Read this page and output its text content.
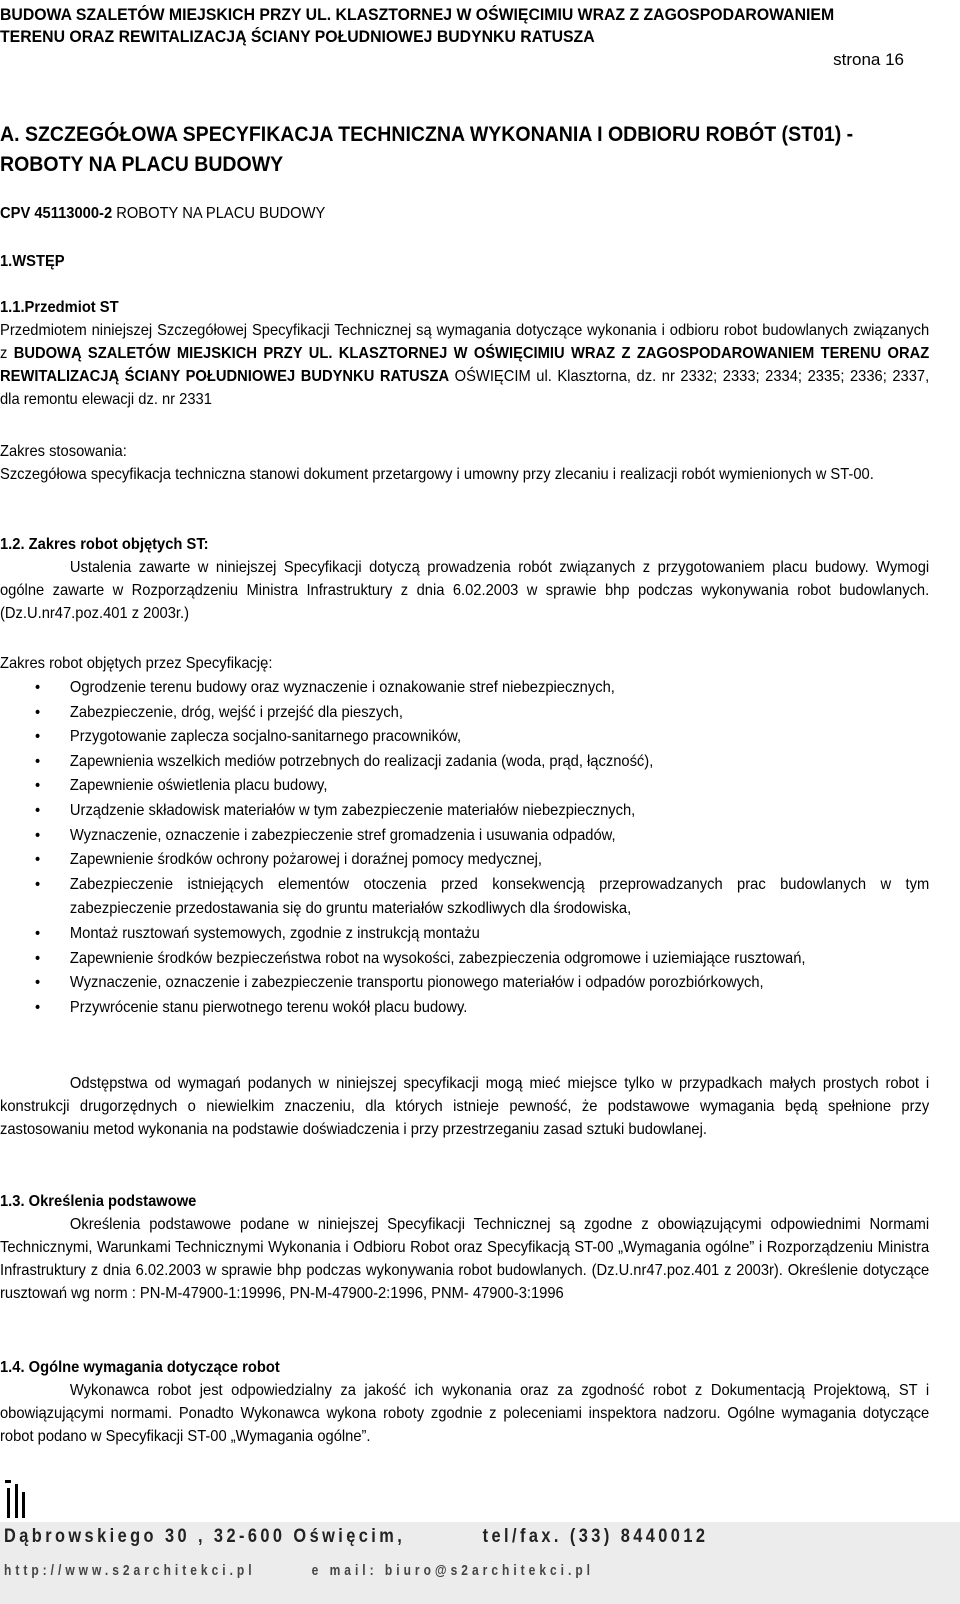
BUDOWA SZALETÓW MIEJSKICH PRZY UL. KLASZTORNEJ W OŚWIĘCIMIU WRAZ Z ZAGOSPODAROWANIEM
TERENU ORAZ REWITALIZACJĄ ŚCIANY POŁUDNIOWEJ BUDYNKU RATUSZA
strona 16
A. SZCZEGÓŁOWA SPECYFIKACJA TECHNICZNA WYKONANIA I ODBIORU ROBÓT (ST01) - ROBOTY NA PLACU BUDOWY
CPV 45113000-2 ROBOTY NA PLACU BUDOWY
1.WSTĘP
1.1.Przedmiot ST
Przedmiotem niniejszej Szczegółowej Specyfikacji Technicznej są wymagania dotyczące wykonania i odbioru robot budowlanych związanych z BUDOWĄ SZALETÓW MIEJSKICH PRZY UL. KLASZTORNEJ W OŚWIĘCIMIU WRAZ Z ZAGOSPODAROWANIEM TERENU ORAZ REWITALIZACJĄ ŚCIANY POŁUDNIOWEJ BUDYNKU RATUSZA OŚWIĘCIM ul. Klasztorna, dz. nr 2332; 2333; 2334; 2335; 2336; 2337, dla remontu elewacji dz. nr 2331
Zakres stosowania:
Szczegółowa specyfikacja techniczna stanowi dokument przetargowy i umowny przy zlecaniu i realizacji robót wymienionych w ST-00.
1.2. Zakres robot objętych ST:
Ustalenia zawarte w niniejszej Specyfikacji dotyczą prowadzenia robót związanych z przygotowaniem placu budowy. Wymogi ogólne zawarte w Rozporządzeniu Ministra Infrastruktury z dnia 6.02.2003 w sprawie bhp podczas wykonywania robot budowlanych. (Dz.U.nr47.poz.401 z 2003r.)
Zakres robot objętych przez Specyfikację:
• Ogrodzenie terenu budowy oraz wyznaczenie i oznakowanie stref niebezpiecznych,
• Zabezpieczenie, dróg, wejść i przejść dla pieszych,
• Przygotowanie zaplecza socjalno-sanitarnego pracowników,
• Zapewnienia wszelkich mediów potrzebnych do realizacji zadania (woda, prąd, łączność),
• Zapewnienie oświetlenia placu budowy,
• Urządzenie składowisk materiałów w tym zabezpieczenie materiałów niebezpiecznych,
• Wyznaczenie, oznaczenie i zabezpieczenie stref gromadzenia i usuwania odpadów,
• Zapewnienie środków ochrony pożarowej i doraźnej pomocy medycznej,
• Zabezpieczenie istniejących elementów otoczenia przed konsekwencją przeprowadzanych prac budowlanych w tym zabezpieczenie przedostawania się do gruntu materiałów szkodliwych dla środowiska,
• Montaż rusztowań systemowych, zgodnie z instrukcją montażu
• Zapewnienie środków bezpieczeństwa robot na wysokości, zabezpieczenia odgromowe i uziemiające rusztowań,
• Wyznaczenie, oznaczenie i zabezpieczenie transportu pionowego materiałów i odpadów porozbiórkowych,
• Przywrócenie stanu pierwotnego terenu wokół placu budowy.
Odstępstwa od wymagań podanych w niniejszej specyfikacji mogą mieć miejsce tylko w przypadkach małych prostych robot i konstrukcji drugorzędnych o niewielkim znaczeniu, dla których istnieje pewność, że podstawowe wymagania będą spełnione przy zastosowaniu metod wykonania na podstawie doświadczenia i przy przestrzeganiu zasad sztuki budowlanej.
1.3. Określenia podstawowe
Określenia podstawowe podane w niniejszej Specyfikacji Technicznej są zgodne z obowiązującymi odpowiednimi Normami Technicznymi, Warunkami Technicznymi Wykonania i Odbioru Robot oraz Specyfikacją ST-00 „Wymagania ogólne” i Rozporządzeniu Ministra Infrastruktury z dnia 6.02.2003 w sprawie bhp podczas wykonywania robot budowlanych. (Dz.U.nr47.poz.401 z 2003r). Określenie dotyczące rusztowań wg norm : PN-M-47900-1:19996, PN-M-47900-2:1996, PNM- 47900-3:1996
1.4. Ogólne wymagania dotyczące robot
Wykonawca robot jest odpowiedzialny za jakość ich wykonania oraz za zgodność robot z Dokumentacją Projektową, ST i obowiązującymi normami. Ponadto Wykonawca wykona roboty zgodnie z poleceniami inspektora nadzoru. Ogólne wymagania dotyczące robot podano w Specyfikacji ST-00 „Wymagania ogólne”.
Dąbrowskiego 30 , 32-600 Oświęcim,	tel/fax. (33) 8440012
http://www.s2architekci.pl	e mail: biuro@s2architekci.pl
